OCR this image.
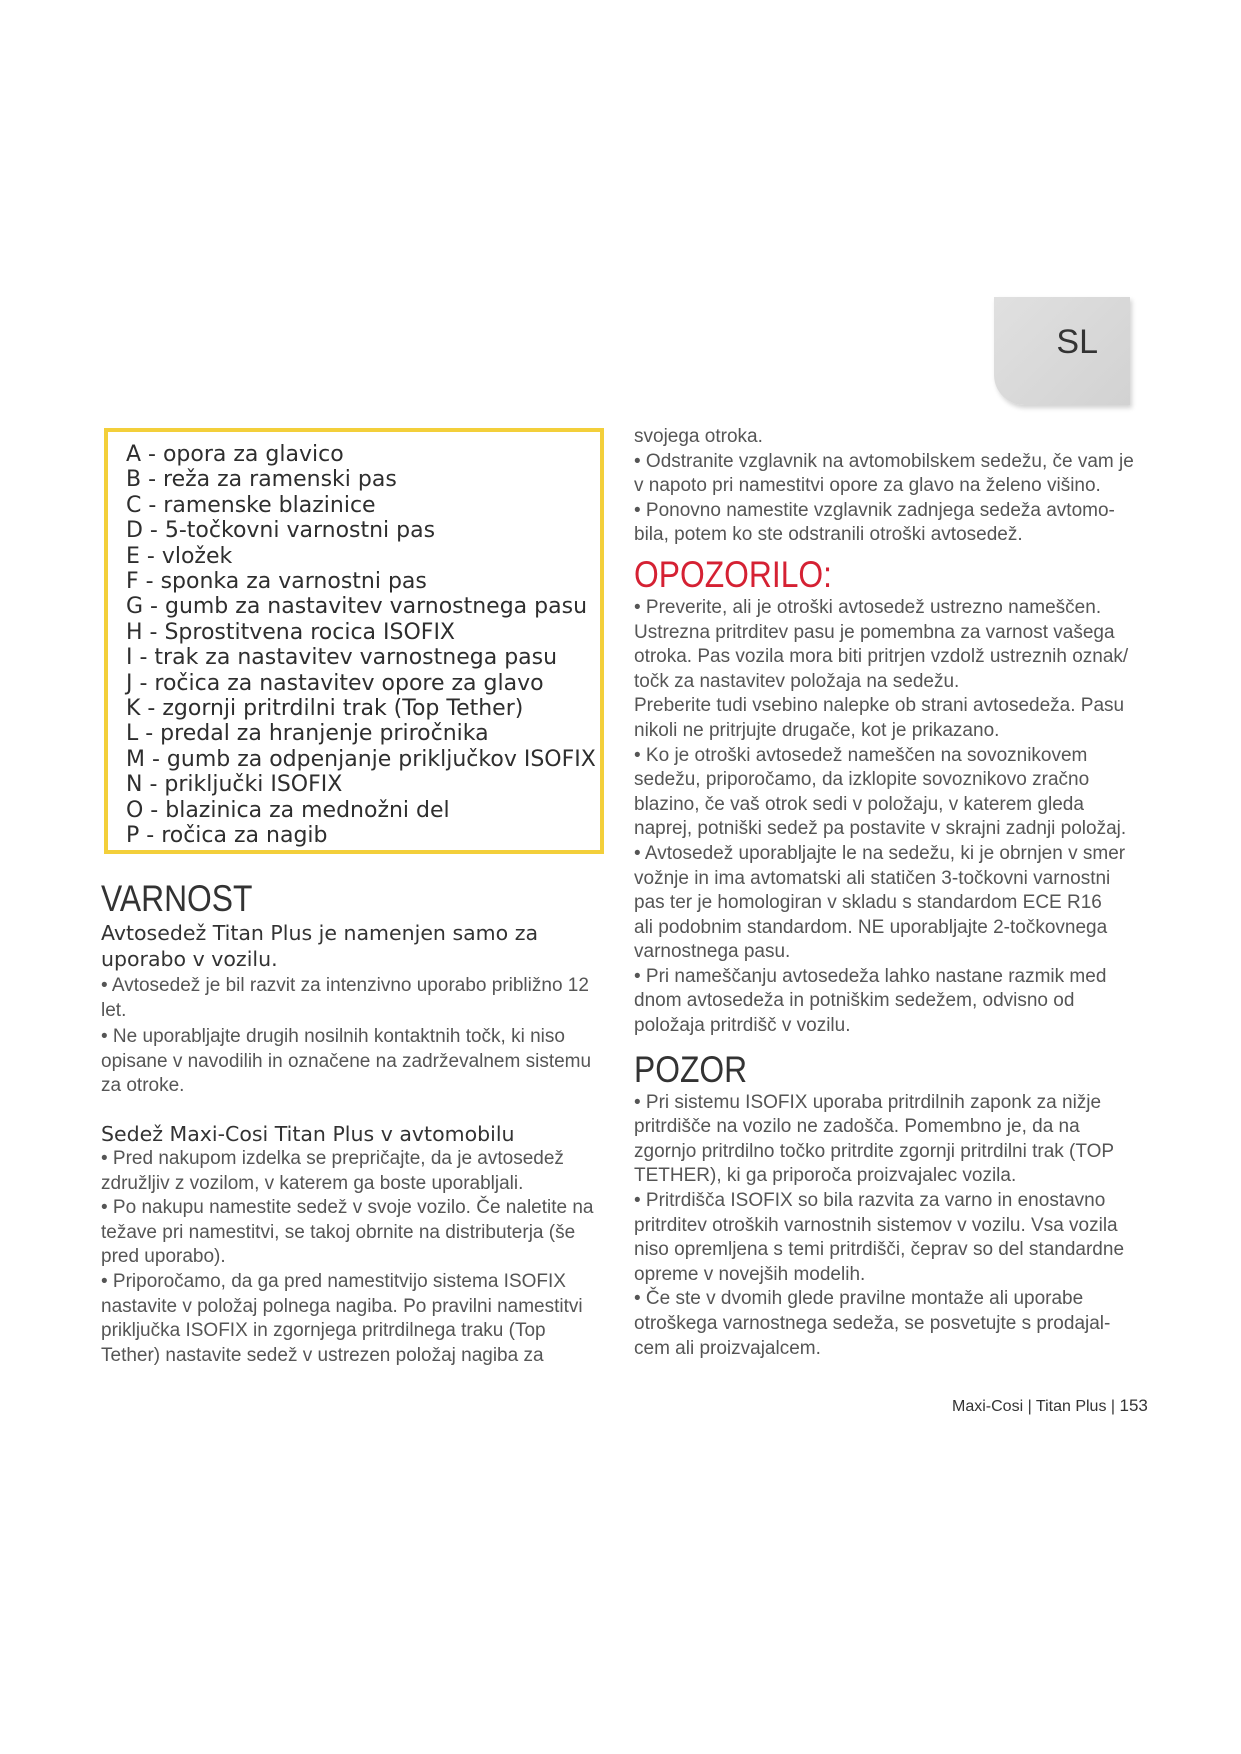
SL
A - opora za glavico
B - reža za ramenski pas
C - ramenske blazinice
D - 5-točkovni varnostni pas
E - vložek
F - sponka za varnostni pas
G - gumb za nastavitev varnostnega pasu
H - Sprostitvena rocica ISOFIX
I - trak za nastavitev varnostnega pasu
J - ročica za nastavitev opore za glavo
K - zgornji pritrdilni trak (Top Tether)
L - predal za hranjenje priročnika
M - gumb za odpenjanje priključkov ISOFIX
N - priključki ISOFIX
O - blazinica za mednožni del
P - ročica za nagib
VARNOST
Avtosedež Titan Plus je namenjen samo za
uporabo v vozilu.
• Avtosedež je bil razvit za intenzivno uporabo približno 12
let.
• Ne uporabljajte drugih nosilnih kontaktnih točk, ki niso
opisane v navodilih in označene na zadrževalnem sistemu
za otroke.
Sedež Maxi-Cosi Titan Plus v avtomobilu
• Pred nakupom izdelka se prepričajte, da je avtosedež
združljiv z vozilom, v katerem ga boste uporabljali.
• Po nakupu namestite sedež v svoje vozilo. Če naletite na
težave pri namestitvi, se takoj obrnite na distributerja (še
pred uporabo).
• Priporočamo, da ga pred namestitvijo sistema ISOFIX
nastavite v položaj polnega nagiba. Po pravilni namestitvi
priključka ISOFIX in zgornjega pritrdilnega traku (Top
Tether) nastavite sedež v ustrezen položaj nagiba za
svojega otroka.
• Odstranite vzglavnik na avtomobilskem sedežu, če vam je
v napoto pri namestitvi opore za glavo na želeno višino.
• Ponovno namestite vzglavnik zadnjega sedeža avtomo-
bila, potem ko ste odstranili otroški avtosedež.
OPOZORILO:
• Preverite, ali je otroški avtosedež ustrezno nameščen.
Ustrezna pritrditev pasu je pomembna za varnost vašega
otroka. Pas vozila mora biti pritrjen vzdolž ustreznih oznak/
točk za nastavitev položaja na sedežu.
Preberite tudi vsebino nalepke ob strani avtosedeža. Pasu
nikoli ne pritrjujte drugače, kot je prikazano.
• Ko je otroški avtosedež nameščen na sovoznikovem
sedežu, priporočamo, da izklopite sovoznikovo zračno
blazino, če vaš otrok sedi v položaju, v katerem gleda
naprej, potniški sedež pa postavite v skrajni zadnji položaj.
• Avtosedež uporabljajte le na sedežu, ki je obrnjen v smer
vožnje in ima avtomatski ali statičen 3-točkovni varnostni
pas ter je homologiran v skladu s standardom ECE R16
ali podobnim standardom. NE uporabljajte 2-točkovnega
varnostnega pasu.
• Pri nameščanju avtosedeža lahko nastane razmik med
dnom avtosedeža in potniškim sedežem, odvisno od
položaja pritrdišč v vozilu.
POZOR
• Pri sistemu ISOFIX uporaba pritrdilnih zaponk za nižje
pritrdišče na vozilo ne zadošča. Pomembno je, da na
zgornjo pritrdilno točko pritrdite zgornji pritrdilni trak (TOP
TETHER), ki ga priporoča proizvajalec vozila.
• Pritrdišča ISOFIX so bila razvita za varno in enostavno
pritrditev otroških varnostnih sistemov v vozilu. Vsa vozila
niso opremljena s temi pritrdišči, čeprav so del standardne
opreme v novejših modelih.
• Če ste v dvomih glede pravilne montaže ali uporabe
otroškega varnostnega sedeža, se posvetujte s prodajal-
cem ali proizvajalcem.
Maxi-Cosi | Titan Plus | 153
